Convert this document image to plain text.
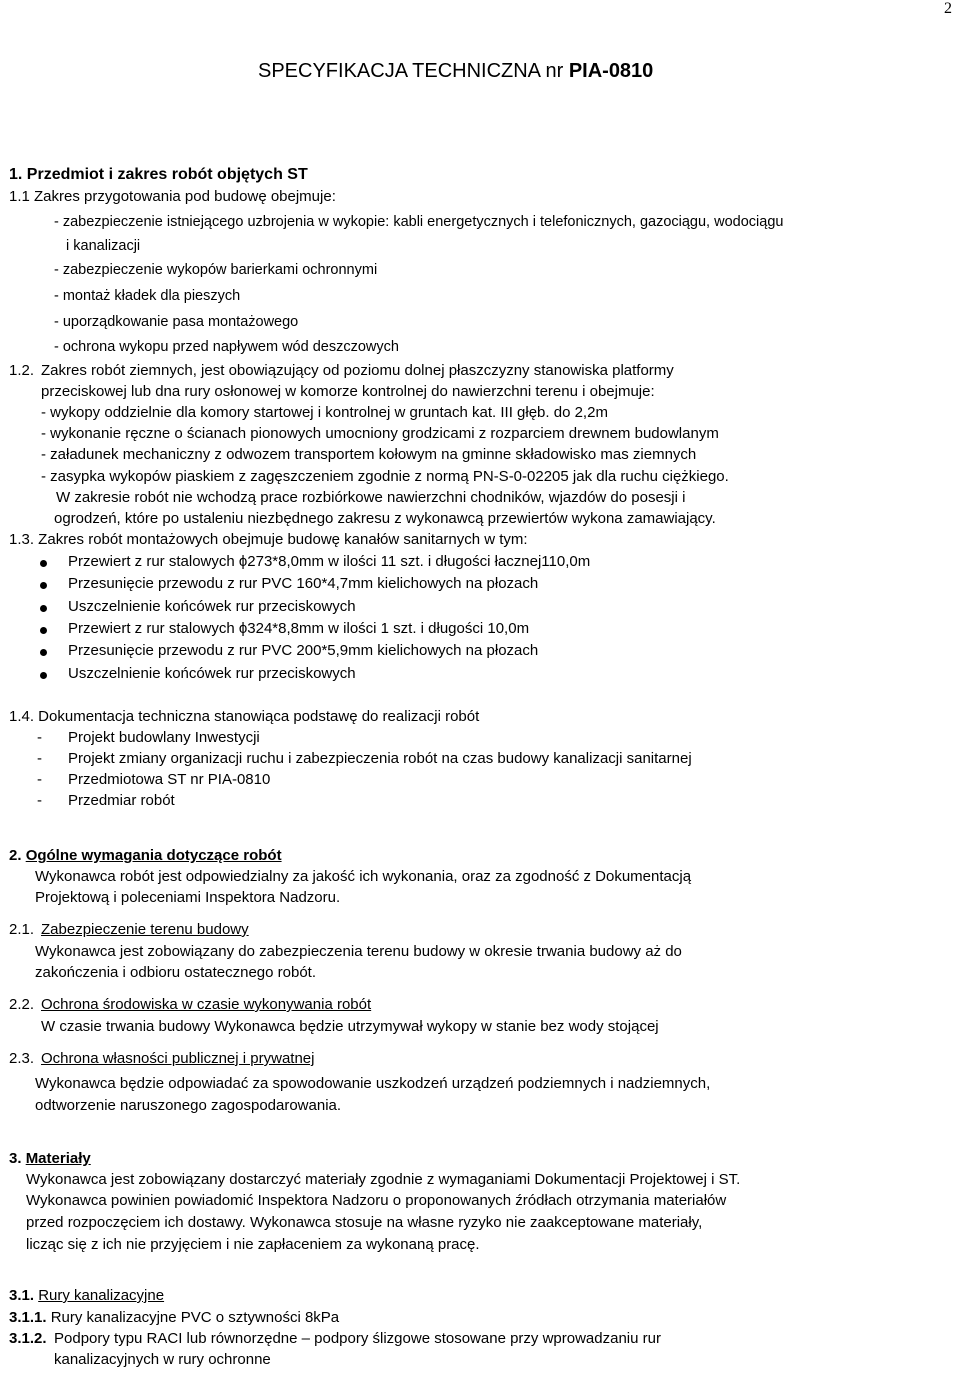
2
SPECYFIKACJA TECHNICZNA nr PIA-0810
1. Przedmiot i zakres robót objętych ST
1.1 Zakres przygotowania pod budowę obejmuje:
- zabezpieczenie istniejącego uzbrojenia w wykopie: kabli energetycznych i telefonicznych, gazociągu, wodociągu
i kanalizacji
- zabezpieczenie wykopów barierkami ochronnymi
- montaż kładek dla pieszych
- uporządkowanie pasa montażowego
- ochrona wykopu przed napływem wód deszczowych
1.2. Zakres robót ziemnych, jest obowiązujący od poziomu dolnej płaszczyzny stanowiska platformy
przeciskowej lub dna rury osłonowej w komorze kontrolnej do nawierzchni terenu i obejmuje:
- wykopy oddzielnie dla komory startowej i kontrolnej w gruntach kat. III głęb. do 2,2m
- wykonanie ręczne o ścianach pionowych umocniony grodzicami z rozparciem drewnem budowlanym
- załadunek mechaniczny z odwozem transportem kołowym na gminne składowisko mas ziemnych
- zasypka wykopów piaskiem z zagęszczeniem zgodnie z normą PN-S-0-02205 jak dla ruchu ciężkiego.
W zakresie robót nie wchodzą prace rozbiórkowe nawierzchni chodników, wjazdów do posesji i
ogrodzeń, które po ustaleniu niezbędnego zakresu z wykonawcą przewiertów wykona zamawiający.
1.3. Zakres robót montażowych obejmuje budowę kanałów sanitarnych w tym:
Przewiert z rur stalowych ϕ273*8,0mm w ilości 11 szt. i długości łacznej110,0m
Przesunięcie przewodu z rur PVC 160*4,7mm kielichowych na płozach
Uszczelnienie końcówek rur przeciskowych
Przewiert z rur stalowych ϕ324*8,8mm w ilości 1 szt. i długości 10,0m
Przesunięcie przewodu z rur PVC 200*5,9mm kielichowych na płozach
Uszczelnienie końcówek rur przeciskowych
1.4. Dokumentacja techniczna stanowiąca podstawę do realizacji robót
- Projekt budowlany Inwestycji
- Projekt zmiany organizacji ruchu i zabezpieczenia robót na czas budowy kanalizacji sanitarnej
- Przedmiotowa ST nr PIA-0810
- Przedmiar robót
2. Ogólne wymagania dotyczące robót
Wykonawca robót jest odpowiedzialny za jakość ich wykonania, oraz za zgodność z Dokumentacją
Projektową i poleceniami Inspektora Nadzoru.
2.1. Zabezpieczenie terenu budowy
Wykonawca jest zobowiązany do zabezpieczenia terenu budowy w okresie trwania budowy aż do
zakończenia i odbioru ostatecznego robót.
2.2. Ochrona środowiska w czasie wykonywania robót
W czasie trwania budowy Wykonawca będzie utrzymywał wykopy w stanie bez wody stojącej
2.3. Ochrona własności publicznej i prywatnej
Wykonawca będzie odpowiadać za spowodowanie uszkodzeń urządzeń podziemnych i nadziemnych,
odtworzenie naruszonego zagospodarowania.
3. Materiały
Wykonawca jest zobowiązany dostarczyć materiały zgodnie z wymaganiami Dokumentacji Projektowej i ST.
Wykonawca powinien powiadomić Inspektora Nadzoru o proponowanych źródłach otrzymania materiałów
przed rozpoczęciem ich dostawy. Wykonawca stosuje na własne ryzyko nie zaakceptowane materiały,
licząc się z ich nie przyjęciem i nie zapłaceniem za wykonaną pracę.
3.1. Rury kanalizacyjne
3.1.1. Rury kanalizacyjne PVC o sztywności 8kPa
3.1.2. Podpory typu RACI lub równorzędne – podpory ślizgowe stosowane przy wprowadzaniu rur
kanalizacyjnych w rury ochronne
